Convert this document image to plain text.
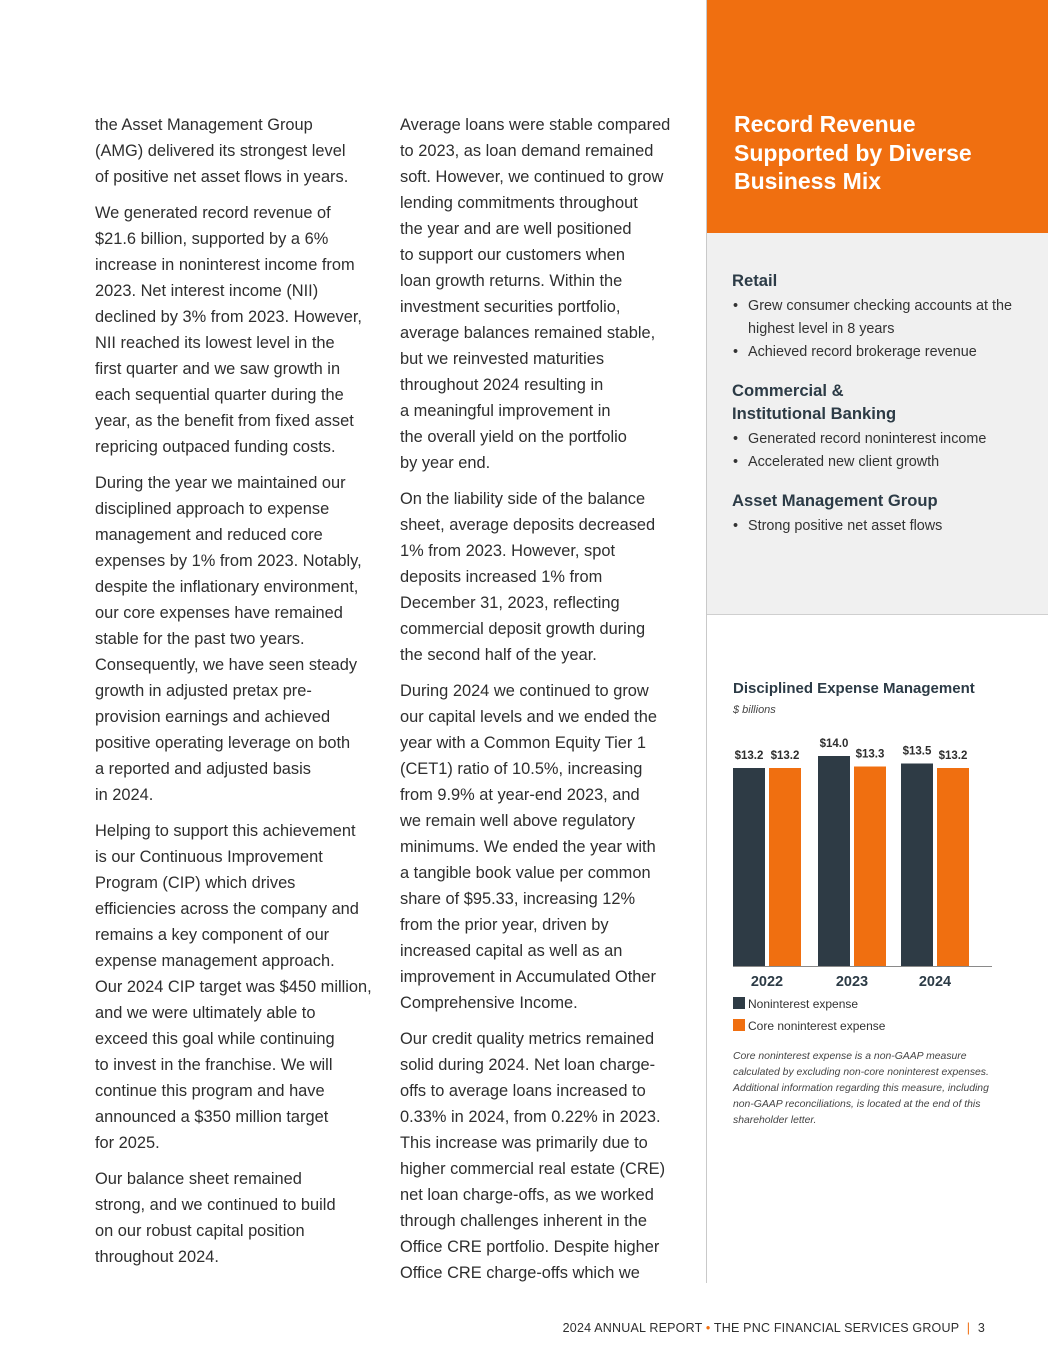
the Asset Management Group
(AMG) delivered its strongest level
of positive net asset flows in years.

We generated record revenue of
$21.6 billion, supported by a 6%
increase in noninterest income from
2023. Net interest income (NII)
declined by 3% from 2023. However,
NII reached its lowest level in the
first quarter and we saw growth in
each sequential quarter during the
year, as the benefit from fixed asset
repricing outpaced funding costs.

During the year we maintained our
disciplined approach to expense
management and reduced core
expenses by 1% from 2023. Notably,
despite the inflationary environment,
our core expenses have remained
stable for the past two years.
Consequently, we have seen steady
growth in adjusted pretax pre-
provision earnings and achieved
positive operating leverage on both
a reported and adjusted basis
in 2024.

Helping to support this achievement
is our Continuous Improvement
Program (CIP) which drives
efficiencies across the company and
remains a key component of our
expense management approach.
Our 2024 CIP target was $450 million,
and we were ultimately able to
exceed this goal while continuing
to invest in the franchise. We will
continue this program and have
announced a $350 million target
for 2025.

Our balance sheet remained
strong, and we continued to build
on our robust capital position
throughout 2024.

Average loans were stable compared
to 2023, as loan demand remained
soft. However, we continued to grow
lending commitments throughout
the year and are well positioned
to support our customers when
loan growth returns. Within the
investment securities portfolio,
average balances remained stable,
but we reinvested maturities
throughout 2024 resulting in
a meaningful improvement in
the overall yield on the portfolio
by year end.

On the liability side of the balance
sheet, average deposits decreased
1% from 2023. However, spot
deposits increased 1% from
December 31, 2023, reflecting
commercial deposit growth during
the second half of the year.

During 2024 we continued to grow
our capital levels and we ended the
year with a Common Equity Tier 1
(CET1) ratio of 10.5%, increasing
from 9.9% at year-end 2023, and
we remain well above regulatory
minimums. We ended the year with
a tangible book value per common
share of $95.33, increasing 12%
from the prior year, driven by
increased capital as well as an
improvement in Accumulated Other
Comprehensive Income.

Our credit quality metrics remained
solid during 2024. Net loan charge-
offs to average loans increased to
0.33% in 2024, from 0.22% in 2023.
This increase was primarily due to
higher commercial real estate (CRE)
net loan charge-offs, as we worked
through challenges inherent in the
Office CRE portfolio. Despite higher
Office CRE charge-offs which we

Record Revenue
Supported by Diverse
Business Mix
Retail
• Grew consumer checking accounts at the highest level in 8 years
• Achieved record brokerage revenue
Commercial &
Institutional Banking
• Generated record noninterest income
• Accelerated new client growth
Asset Management Group
• Strong positive net asset flows
Disciplined Expense Management
$ billions
$13.2 $13.2
2022
$14.0
$13.3
2023
$13.5 $13.2
2024
Noninterest expense
Core noninterest expense

Core noninterest expense is a non-GAAP measure calculated by excluding non-core noninterest expenses. Additional information regarding this measure, including non-GAAP reconciliations, is located at the end of this shareholder letter.

2024 ANNUAL REPORT • THE PNC FINANCIAL SERVICES GROUP | 3
